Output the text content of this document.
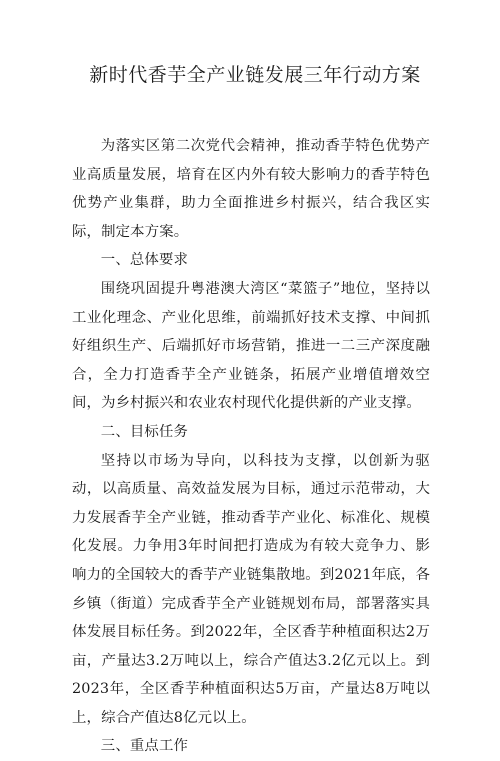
新时代香芋全产业链发展三年行动方案

为落实区第二次党代会精神，推动香芋特色优势产业高质量发展，培育在区内外有较大影响力的香芋特色优势产业集群，助力全面推进乡村振兴，结合我区实际，制定本方案。

一、总体要求

围绕巩固提升粤港澳大湾区“菜篮子”地位，坚持以工业化理念、产业化思维，前端抓好技术支撑、中间抓好组织生产、后端抓好市场营销，推进一二三产深度融合，全力打造香芋全产业链条，拓展产业增值增效空间，为乡村振兴和农业农村现代化提供新的产业支撑。

二、目标任务

坚持以市场为导向，以科技为支撑，以创新为驱动，以高质量、高效益发展为目标，通过示范带动，大力发展香芋全产业链，推动香芋产业化、标准化、规模化发展。力争用3年时间把打造成为有较大竞争力、影响力的全国较大的香芋产业链集散地。到2021年底，各乡镇（街道）完成香芋全产业链规划布局，部署落实具体发展目标任务。到2022年，全区香芋种植面积达2万亩，产量达3.2万吨以上，综合产值达3.2亿元以上。到2023年，全区香芋种植面积达5万亩，产量达8万吨以上，综合产值达8亿元以上。

三、重点工作
